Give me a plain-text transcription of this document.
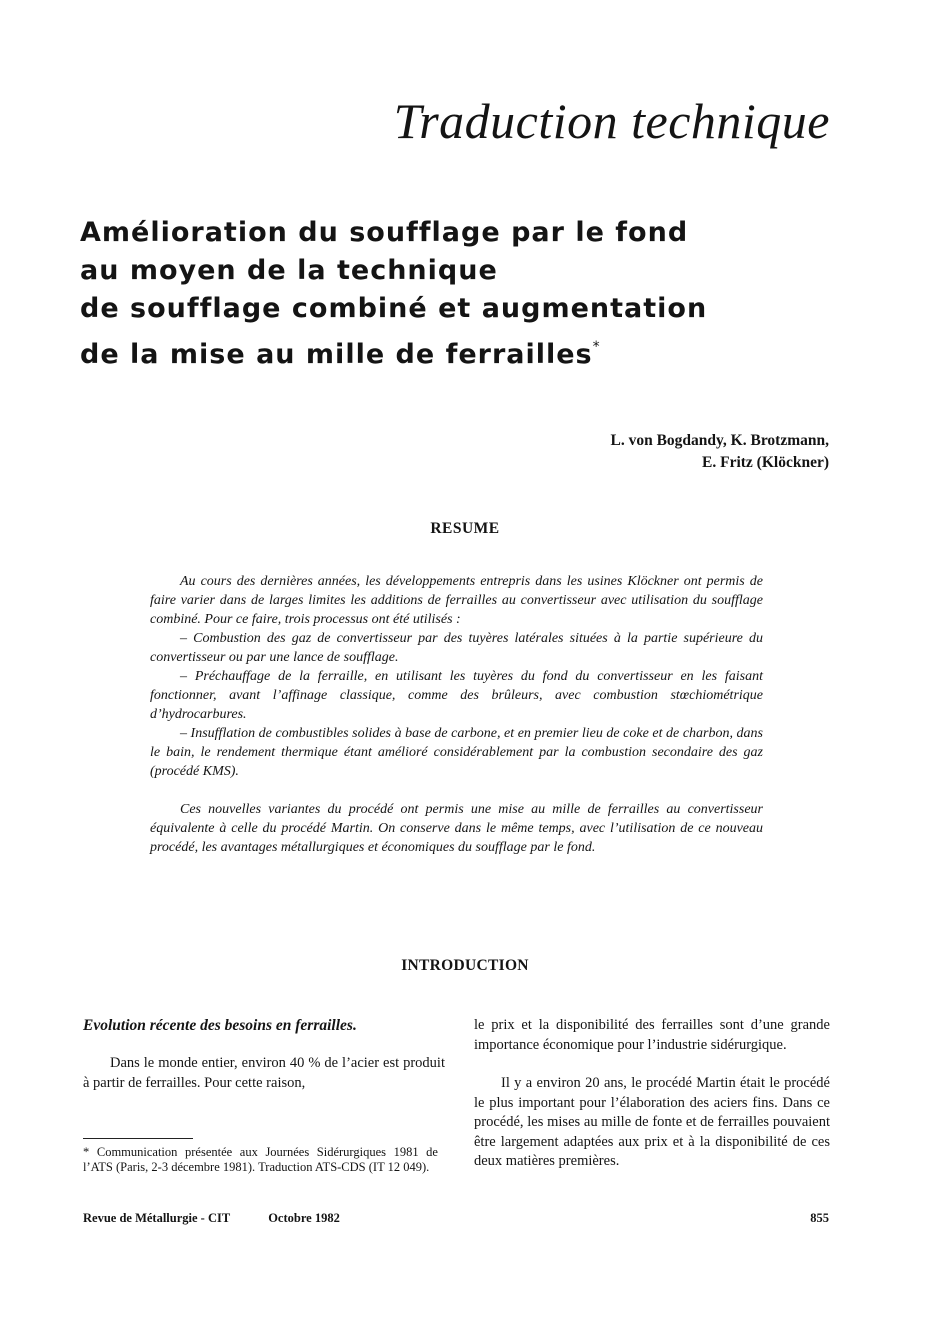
Traduction technique
Amélioration du soufflage par le fond
au moyen de la technique
de soufflage combiné et augmentation
de la mise au mille de ferrailles*
L. von Bogdandy, K. Brotzmann,
E. Fritz (Klöckner)
RESUME

Au cours des dernières années, les développements entrepris dans les usines Klöckner ont permis de faire varier dans de larges limites les additions de ferrailles au convertisseur avec utilisation du soufflage combiné. Pour ce faire, trois processus ont été utilisés :

– Combustion des gaz de convertisseur par des tuyères latérales situées à la partie supérieure du convertisseur ou par une lance de soufflage.

– Préchauffage de la ferraille, en utilisant les tuyères du fond du convertisseur en les faisant fonctionner, avant l’affinage classique, comme des brûleurs, avec combustion stœchiométrique d’hydrocarbures.

– Insufflation de combustibles solides à base de carbone, et en premier lieu de coke et de charbon, dans le bain, le rendement thermique étant amélioré considérablement par la combustion secondaire des gaz (procédé KMS).

Ces nouvelles variantes du procédé ont permis une mise au mille de ferrailles au convertisseur équivalente à celle du procédé Martin. On conserve dans le même temps, avec l’utilisation de ce nouveau procédé, les avantages métallurgiques et économiques du soufflage par le fond.

INTRODUCTION
Evolution récente des besoins en ferrailles.

Dans le monde entier, environ 40 % de l’acier est produit à partir de ferrailles. Pour cette raison,

le prix et la disponibilité des ferrailles sont d’une grande importance économique pour l’industrie sidérurgique.

Il y a environ 20 ans, le procédé Martin était le procédé le plus important pour l’élaboration des aciers fins. Dans ce procédé, les mises au mille de fonte et de ferrailles pouvaient être largement adaptées aux prix et à la disponibilité de ces deux matières premières.

* Communication présentée aux Journées Sidérurgiques 1981 de l’ATS (Paris, 2-3 décembre 1981). Traduction ATS-CDS (IT 12 049).
Revue de Métallurgie - CIT	Octobre 1982	855
